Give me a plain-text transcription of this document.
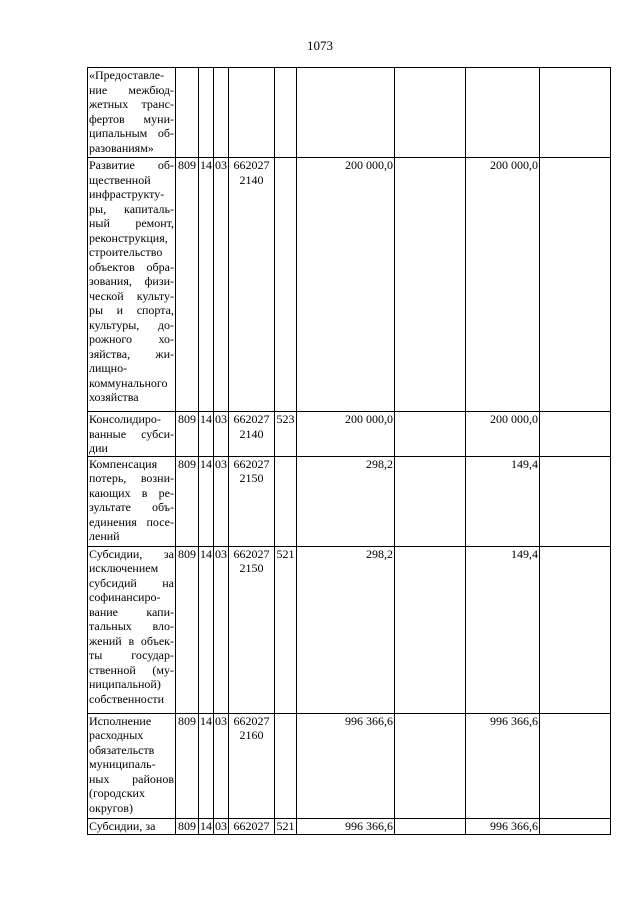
1073
«Предоставле-ние межбюд-жетных транс-фертов муни-ципальным об-разованиям»									
Развитие об-щественной инфраструкту-ры, капиталь-ный ремонт, реконструкция, строительство объектов обра-зования, физи-ческой культу-ры и спорта, культуры, до-рожного хо-зяйства, жи-лищно-коммунального хозяйства	809	14	03	662027 2140		200 000,0		200 000,0	
Консолидиро-ванные субси-дии	809	14	03	662027 2140	523	200 000,0		200 000,0	
Компенсация потерь, возни-кающих в ре-зультате объ-единения посе-лений	809	14	03	662027 2150		298,2		149,4	
Субсидии, за исключением субсидий на софинансиро-вание капи-тальных вло-жений в объек-ты государ-ственной (му-ниципальной) собственности	809	14	03	662027 2150	521	298,2		149,4	
Исполнение расходных обязательств муниципаль-ных районов (городских округов)	809	14	03	662027 2160		996 366,6		996 366,6	
Субсидии, за	809	14	03	662027	521	996 366,6		996 366,6	
